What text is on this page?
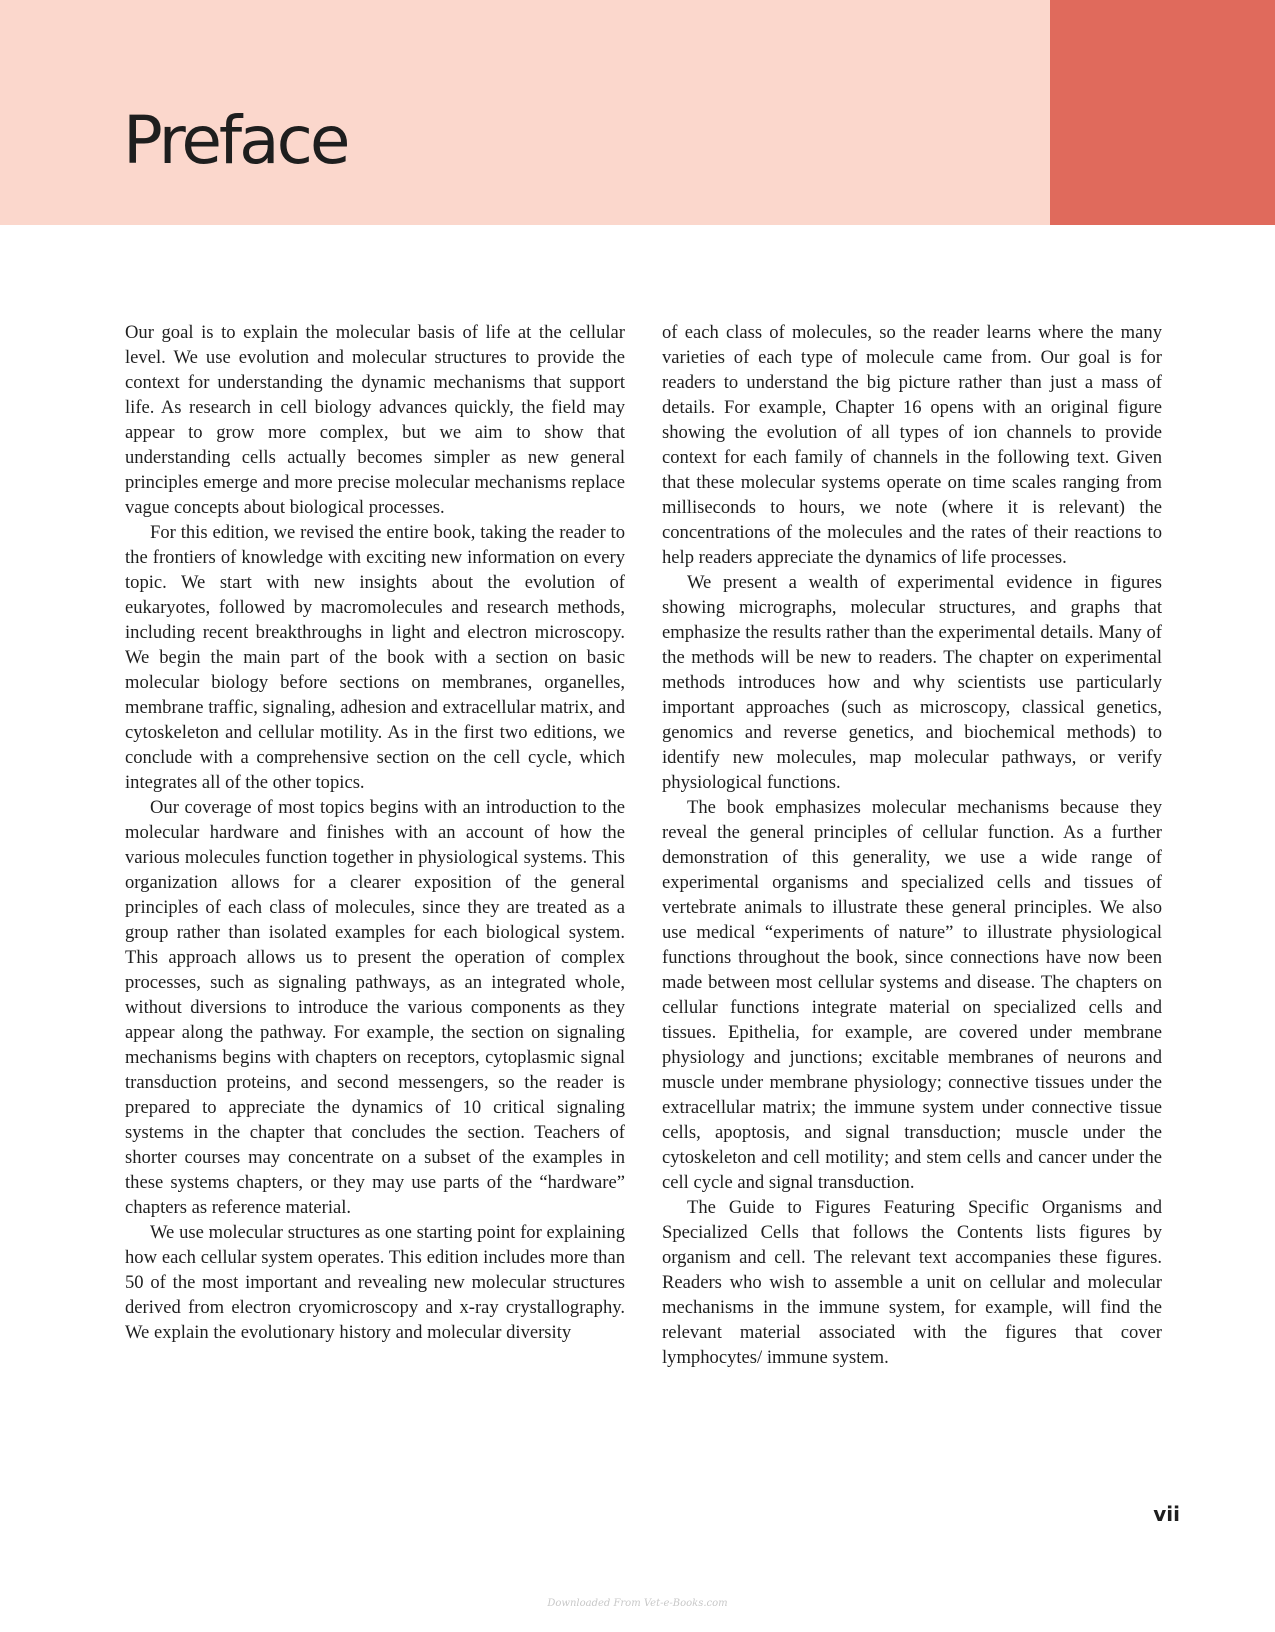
Preface

Our goal is to explain the molecular basis of life at the cellular level. We use evolution and molecular structures to provide the context for understanding the dynamic mechanisms that support life. As research in cell biology advances quickly, the field may appear to grow more complex, but we aim to show that understanding cells actually becomes simpler as new general principles emerge and more precise molecular mechanisms replace vague concepts about biological processes.

For this edition, we revised the entire book, taking the reader to the frontiers of knowledge with exciting new information on every topic. We start with new insights about the evolution of eukaryotes, followed by macromolecules and research methods, including recent breakthroughs in light and electron microscopy. We begin the main part of the book with a section on basic molecular biology before sections on membranes, organelles, membrane traffic, signaling, adhesion and extracellular matrix, and cytoskeleton and cellular motility. As in the first two editions, we conclude with a comprehensive section on the cell cycle, which integrates all of the other topics.

Our coverage of most topics begins with an introduction to the molecular hardware and finishes with an account of how the various molecules function together in physiological systems. This organization allows for a clearer exposition of the general principles of each class of molecules, since they are treated as a group rather than isolated examples for each biological system. This approach allows us to present the operation of complex processes, such as signaling pathways, as an integrated whole, without diversions to introduce the various components as they appear along the pathway. For example, the section on signaling mechanisms begins with chapters on receptors, cytoplasmic signal transduction proteins, and second messengers, so the reader is prepared to appreciate the dynamics of 10 critical signaling systems in the chapter that concludes the section. Teachers of shorter courses may concentrate on a subset of the examples in these systems chapters, or they may use parts of the “hardware” chapters as reference material.

We use molecular structures as one starting point for explaining how each cellular system operates. This edition includes more than 50 of the most important and revealing new molecular structures derived from electron cryomicroscopy and x-ray crystallography. We explain the evolutionary history and molecular diversity

of each class of molecules, so the reader learns where the many varieties of each type of molecule came from. Our goal is for readers to understand the big picture rather than just a mass of details. For example, Chapter 16 opens with an original figure showing the evolution of all types of ion channels to provide context for each family of channels in the following text. Given that these molecular systems operate on time scales ranging from milliseconds to hours, we note (where it is relevant) the concentrations of the molecules and the rates of their reactions to help readers appreciate the dynamics of life processes.

We present a wealth of experimental evidence in figures showing micrographs, molecular structures, and graphs that emphasize the results rather than the experimental details. Many of the methods will be new to readers. The chapter on experimental methods introduces how and why scientists use particularly important approaches (such as microscopy, classical genetics, genomics and reverse genetics, and biochemical methods) to identify new molecules, map molecular pathways, or verify physiological functions.

The book emphasizes molecular mechanisms because they reveal the general principles of cellular function. As a further demonstration of this generality, we use a wide range of experimental organisms and specialized cells and tissues of vertebrate animals to illustrate these general principles. We also use medical “experiments of nature” to illustrate physiological functions throughout the book, since connections have now been made between most cellular systems and disease. The chapters on cellular functions integrate material on specialized cells and tissues. Epithelia, for example, are covered under membrane physiology and junctions; excitable membranes of neurons and muscle under membrane physiology; connective tissues under the extracellular matrix; the immune system under connective tissue cells, apoptosis, and signal transduction; muscle under the cytoskeleton and cell motility; and stem cells and cancer under the cell cycle and signal transduction.

The Guide to Figures Featuring Specific Organisms and Specialized Cells that follows the Contents lists figures by organism and cell. The relevant text accompanies these figures. Readers who wish to assemble a unit on cellular and molecular mechanisms in the immune system, for example, will find the relevant material associated with the figures that cover lymphocytes/ immune system.

vii
Downloaded From Vet-e-Books.com
